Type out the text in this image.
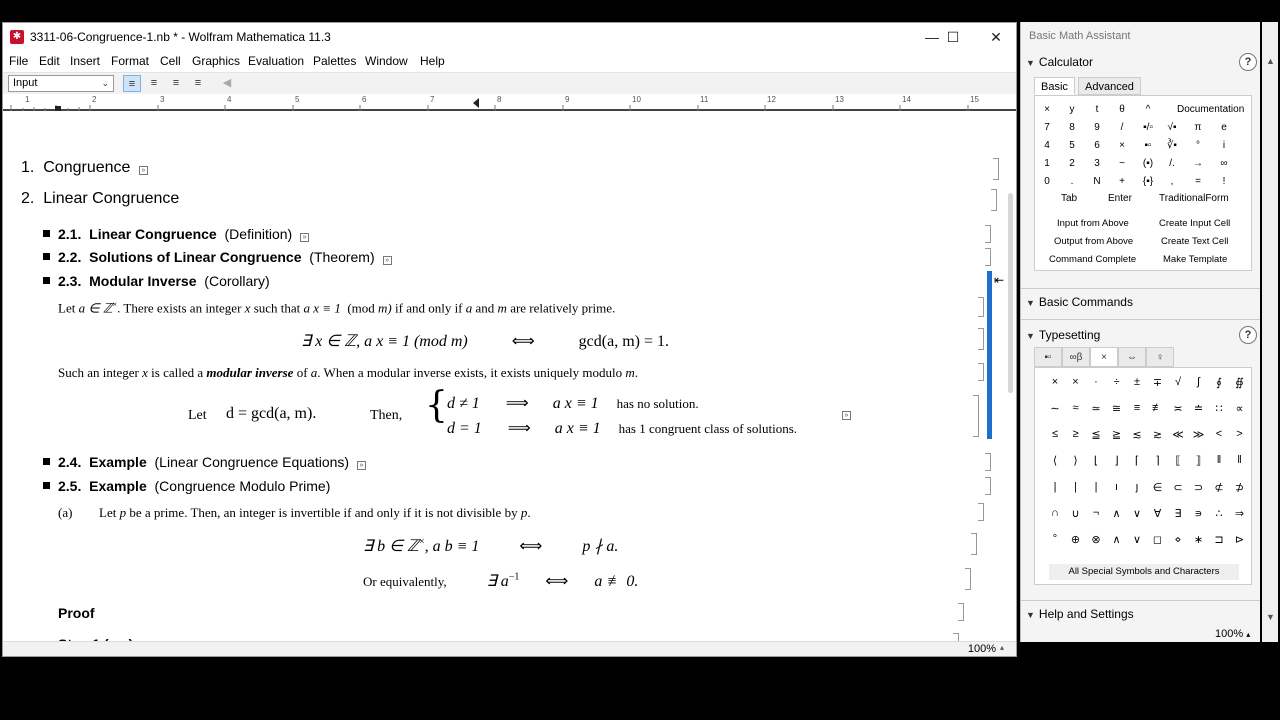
✱ 3311-06-Congruence-1.nb * - Wolfram Mathematica 11.3	— ☐	✕
File Edit Insert Format Cell Graphics Evaluation Palettes Window Help
Input	⌄	≡	≡	≡	≡	◀
1	2	3	4	5	6	7	8	9	10	11	12	13	14	15
1. Congruence »
2. Linear Congruence
2.1. Linear Congruence (Definition) »
2.2. Solutions of Linear Congruence (Theorem) »
2.3. Modular Inverse (Corollary)
Let a ∈ ℤ×. There exists an integer x such that a x ≡ 1 (mod m) if and only if a and m are relatively prime.
∃ x ∈ ℤ, a x ≡ 1 (mod m)	⟺	gcd(a, m) = 1.
Such an integer x is called a modular inverse of a. When a modular inverse exists, it exists uniquely modulo m.
Let d = gcd(a, m).	Then, { d ≠ 1 ⟹ a x ≡ 1 has no solution.
d = 1 ⟹ a x ≡ 1 has 1 congruent class of solutions.
»
2.4. Example (Linear Congruence Equations) »
2.5. Example (Congruence Modulo Prime)
(a) Let p be a prime. Then, an integer is invertible if and only if it is not divisible by p.
∃ b ∈ ℤ×, a b ≡ 1	⟺	p ∤ a.
Or equivalently,	∃ $a^{-1}$ ⟺ a ≢ 0.
Proof
⇤
100% ▴
Basic Math Assistant
▼ Calculator	?
Basic	Advanced
×	y	t	θ	^	Documentation
7	8	9	/	▪/▫	√▪	π	e
4	5	6	×	▪▫	∛▪	°	i
1	2	3	−	(▪)	/.	→	∞
0	.	N	+	{▪}	,	=	!
Tab	Enter	TraditionalForm
Input from Above	Create Input Cell
Output from Above	Create Text Cell
Command Complete	Make Template
▼ Basic Commands
▼ Typesetting	?
▪▫	∞β	×	⇔	♀
×	×	·	÷	±	∓	√	∫	∮	∯
∼	≈	≃	≅	≡	≢ ≍	≐	∷	∝
≤	≥	≦	≧	≲	≳ ≪ ≫	<	>
⟨	⟩	⌊	⌋	⌈	⌉	⟦	⟧	‖	‖
|	|	|	ı	ȷ	∈	⊂	⊃	⊄	⊅
∩	∪	¬	∧	∨	∀	∃	∍	∴	⇒
°	⊕	⊗	∧	∨	◻	⋄	∗	⊐	⊳
All Special Symbols and Characters
▼ Help and Settings
▲
▼
100% ▴
